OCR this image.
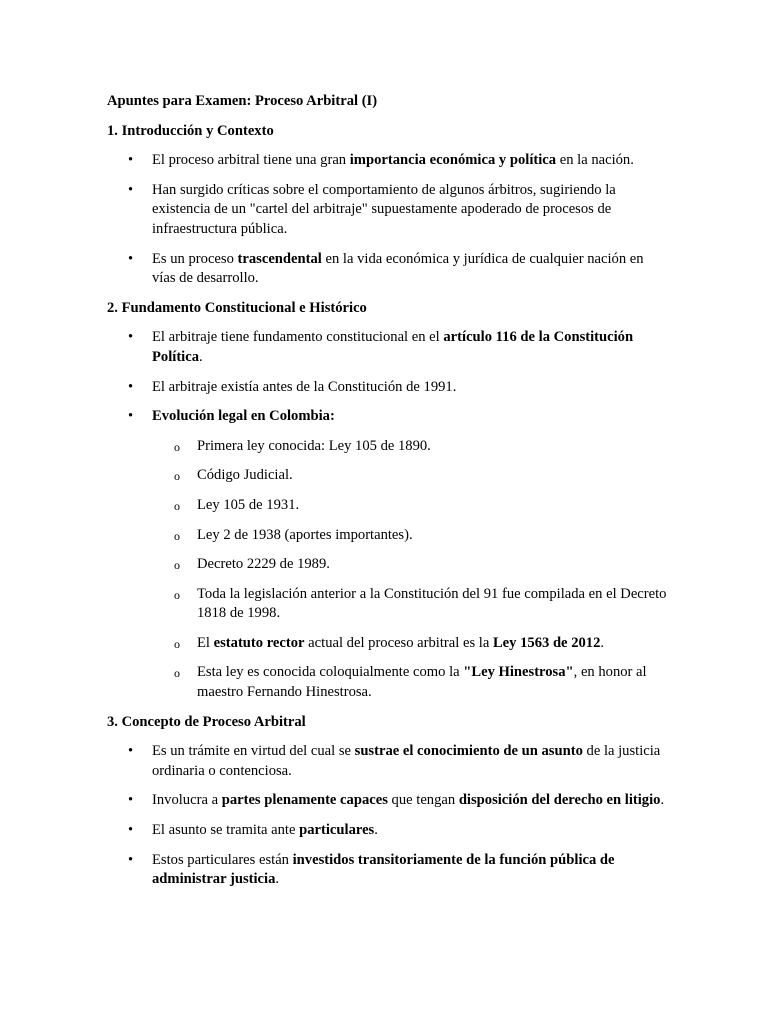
Apuntes para Examen: Proceso Arbitral (I)
1. Introducción y Contexto
• El proceso arbitral tiene una gran importancia económica y política en la nación.
• Han surgido críticas sobre el comportamiento de algunos árbitros, sugiriendo la existencia de un "cartel del arbitraje" supuestamente apoderado de procesos de infraestructura pública.
• Es un proceso trascendental en la vida económica y jurídica de cualquier nación en vías de desarrollo.
2. Fundamento Constitucional e Histórico
• El arbitraje tiene fundamento constitucional en el artículo 116 de la Constitución Política.
• El arbitraje existía antes de la Constitución de 1991.
• Evolución legal en Colombia:
o Primera ley conocida: Ley 105 de 1890.
o Código Judicial.
o Ley 105 de 1931.
o Ley 2 de 1938 (aportes importantes).
o Decreto 2229 de 1989.
o Toda la legislación anterior a la Constitución del 91 fue compilada en el Decreto 1818 de 1998.
o El estatuto rector actual del proceso arbitral es la Ley 1563 de 2012.
o Esta ley es conocida coloquialmente como la "Ley Hinestrosa", en honor al maestro Fernando Hinestrosa.
3. Concepto de Proceso Arbitral
• Es un trámite en virtud del cual se sustrae el conocimiento de un asunto de la justicia ordinaria o contenciosa.
• Involucra a partes plenamente capaces que tengan disposición del derecho en litigio.
• El asunto se tramita ante particulares.
• Estos particulares están investidos transitoriamente de la función pública de administrar justicia.
